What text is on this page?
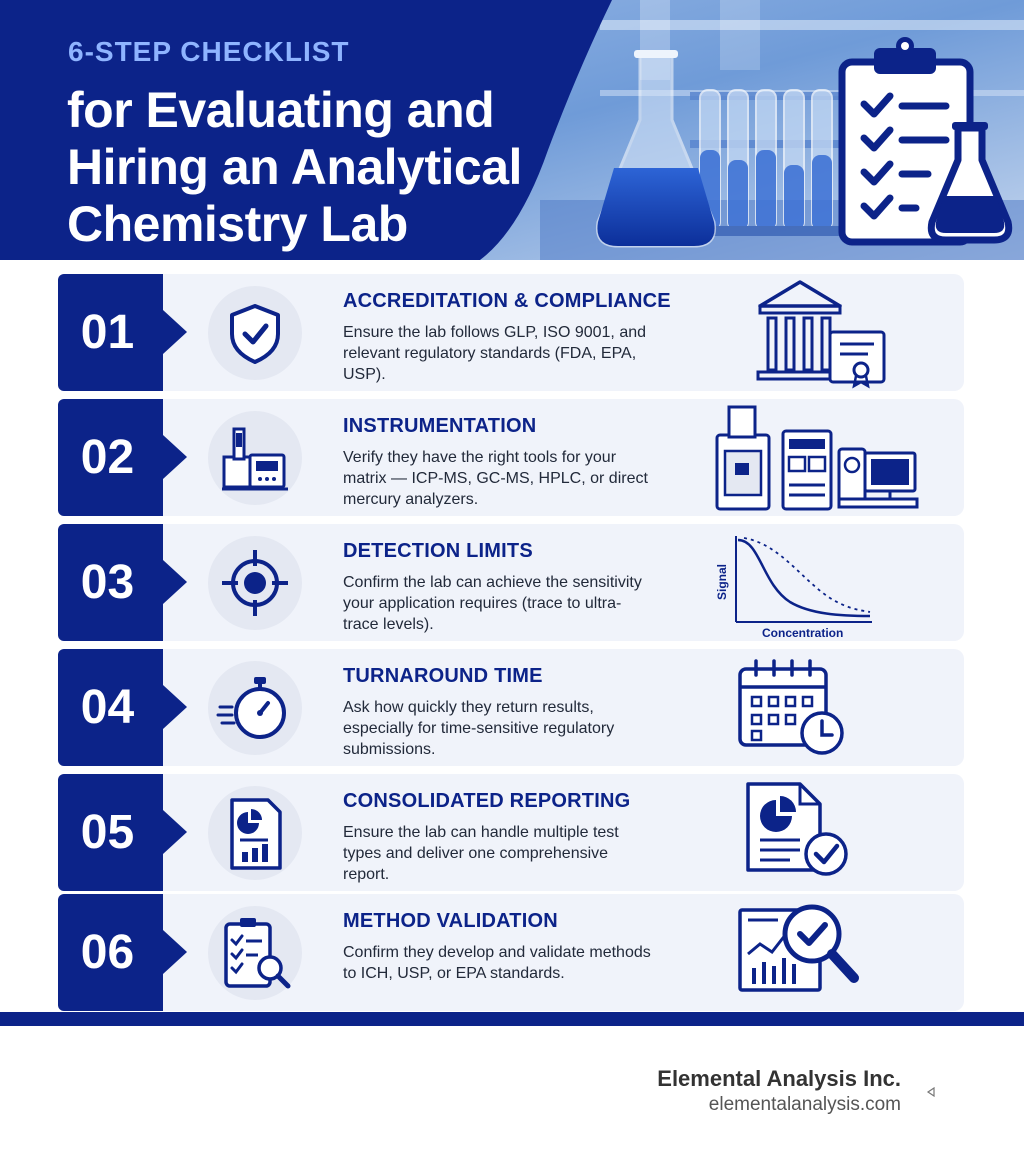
6-STEP CHECKLIST
for Evaluating and
Hiring an Analytical
Chemistry Lab
01
ACCREDITATION & COMPLIANCE

Ensure the lab follows GLP, ISO 9001, and relevant regulatory standards (FDA, EPA, USP).

02
INSTRUMENTATION

Verify they have the right tools for your matrix — ICP-MS, GC-MS, HPLC, or direct mercury analyzers.

03
DETECTION LIMITS

Confirm the lab can achieve the sensitivity your application requires (trace to ultra-trace levels).

Signal
Concentration
04
TURNAROUND TIME

Ask how quickly they return results, especially for time-sensitive regulatory submissions.

05
CONSOLIDATED REPORTING

Ensure the lab can handle multiple test types and deliver one comprehensive report.

06
METHOD VALIDATION

Confirm they develop and validate methods to ICH, USP, or EPA standards.

Elemental Analysis Inc.

elementalanalysis.com
